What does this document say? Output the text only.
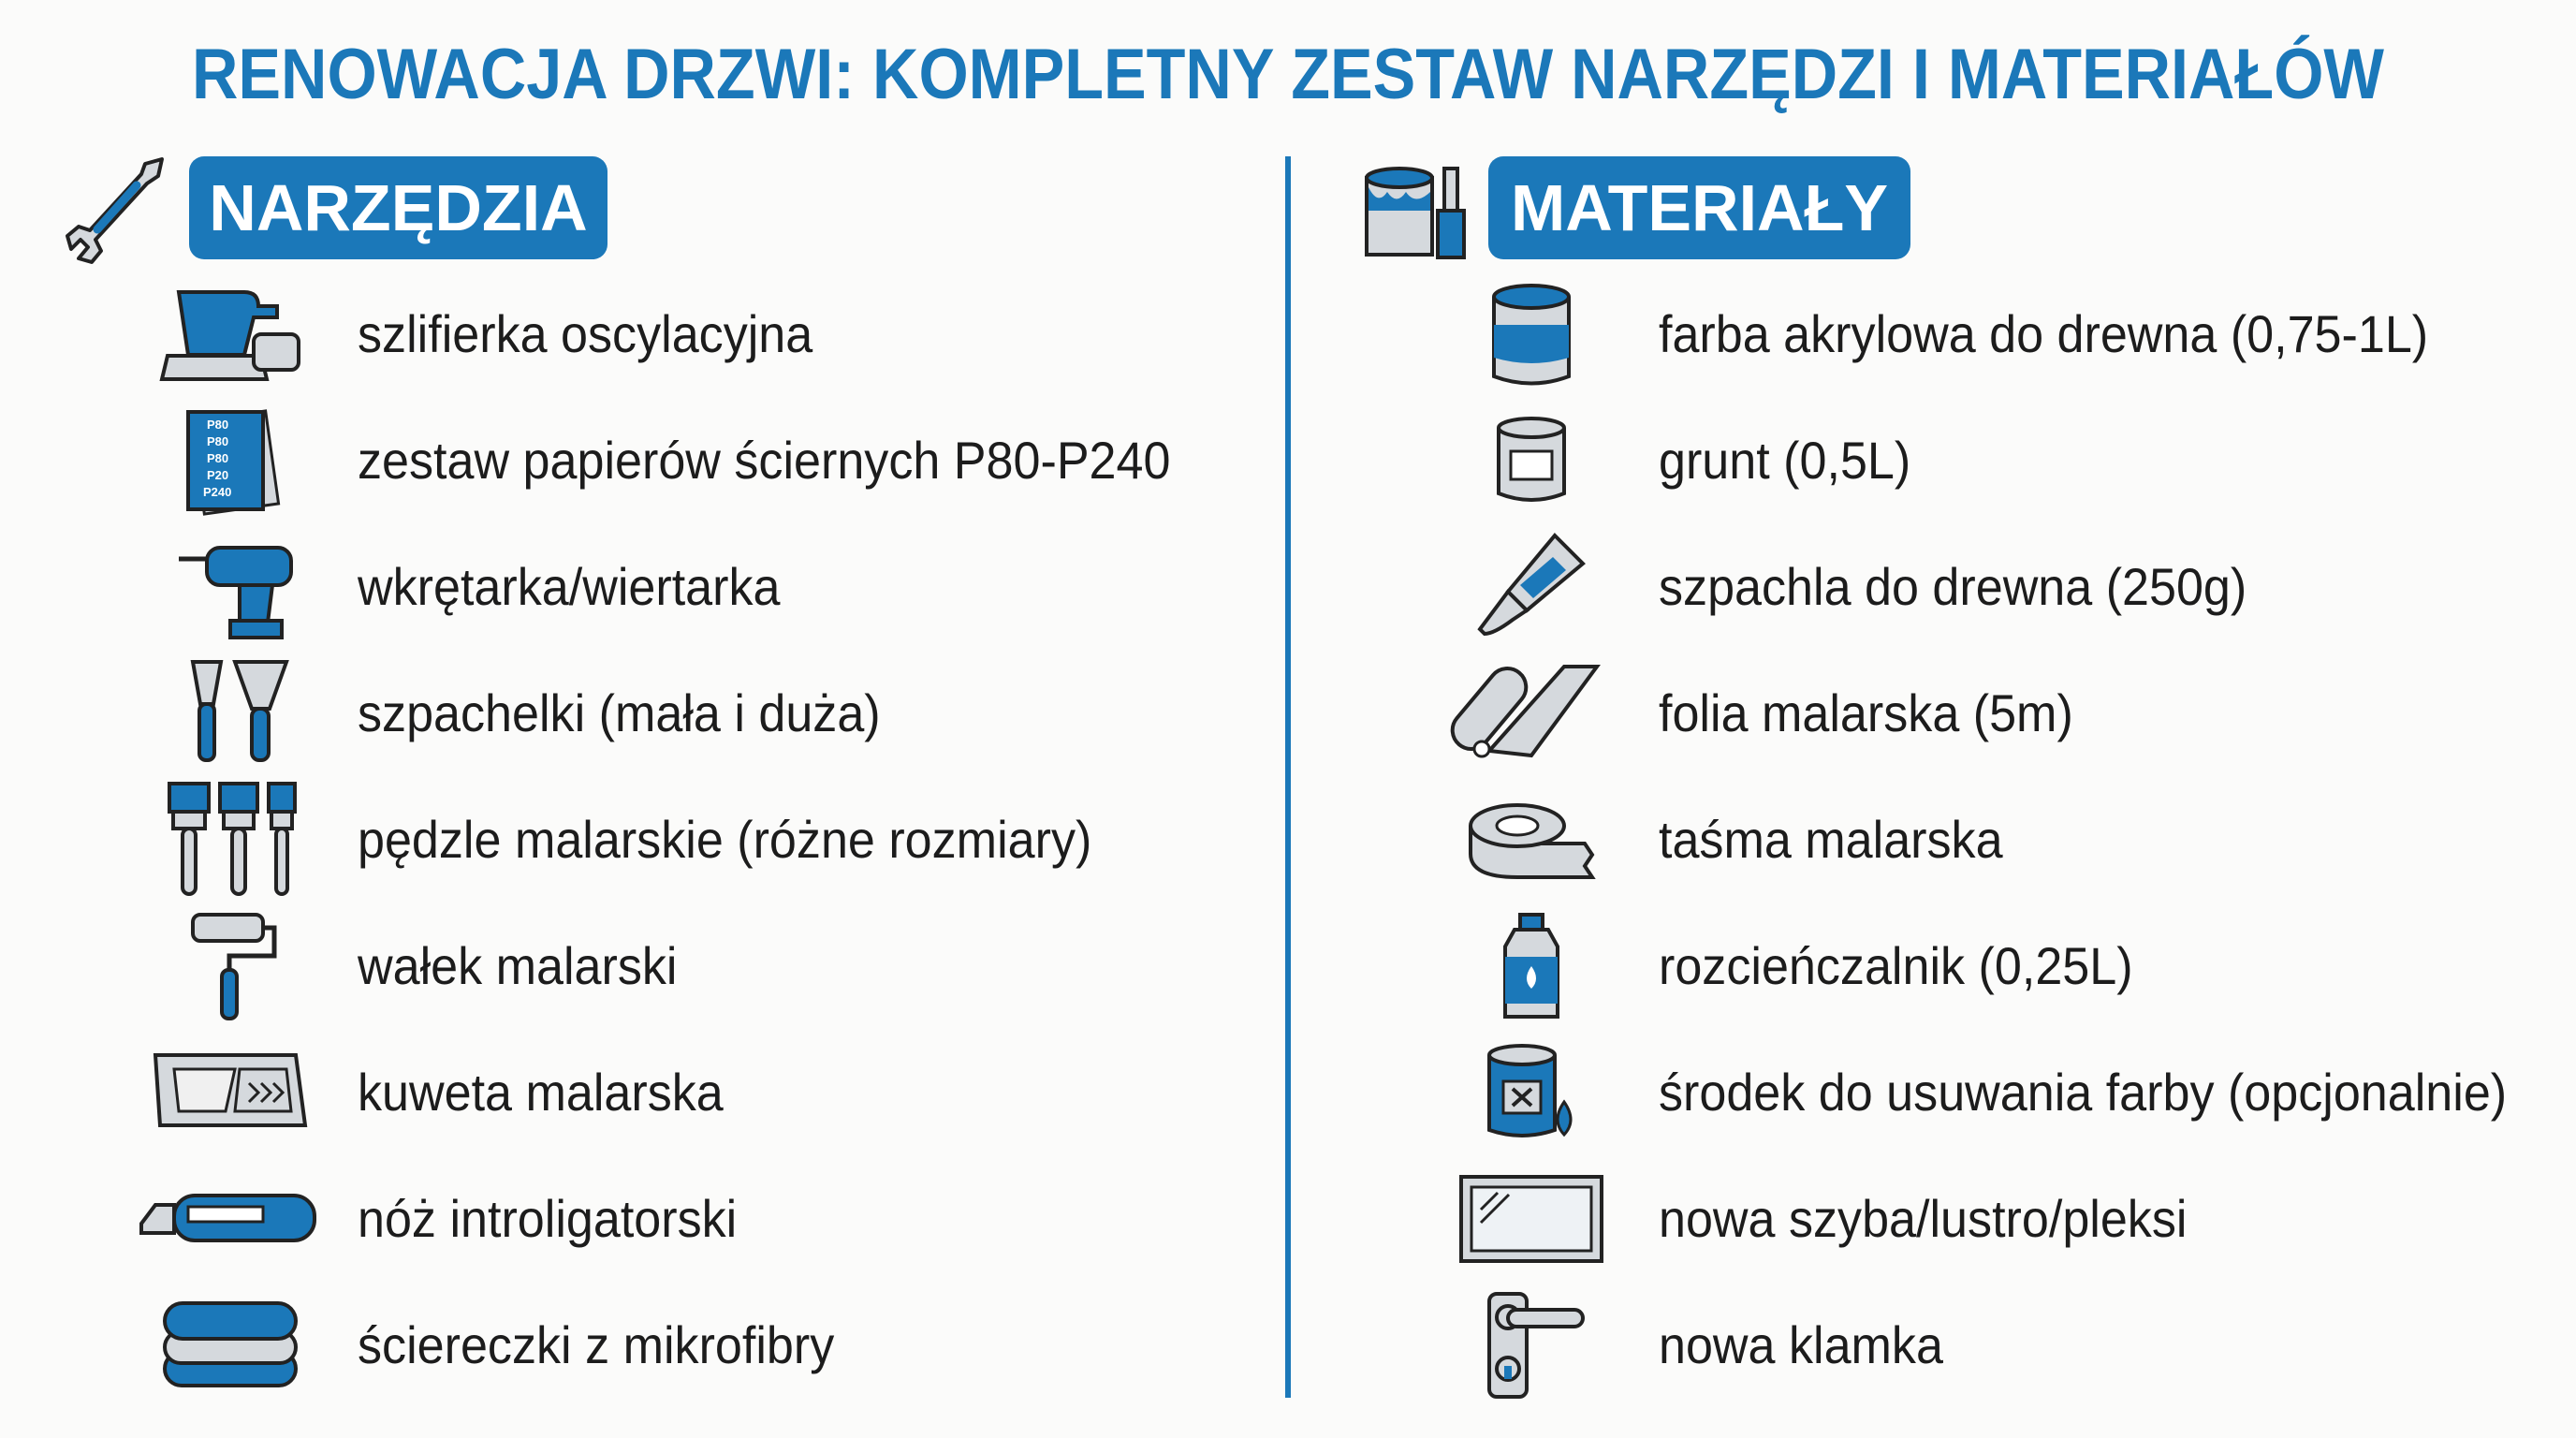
RENOWACJA DRZWI: KOMPLETNY ZESTAW NARZĘDZI I MATERIAŁÓW
NARZĘDZIA	MATERIAŁY
szlifierka oscylacyjna
P80
P80
P80
P20
P240
zestaw papierów ściernych P80-P240
wkrętarka/wiertarka
szpachelki (mała i duża)
pędzle malarskie (różne rozmiary)
wałek malarski
kuweta malarska
nóż introligatorski
ściereczki z mikrofibry
farba akrylowa do drewna (0,75-1L)
grunt (0,5L)
szpachla do drewna (250g)
folia malarska (5m)
taśma malarska
rozcieńczalnik (0,25L)
środek do usuwania farby (opcjonalnie)
nowa szyba/lustro/pleksi
nowa klamka
